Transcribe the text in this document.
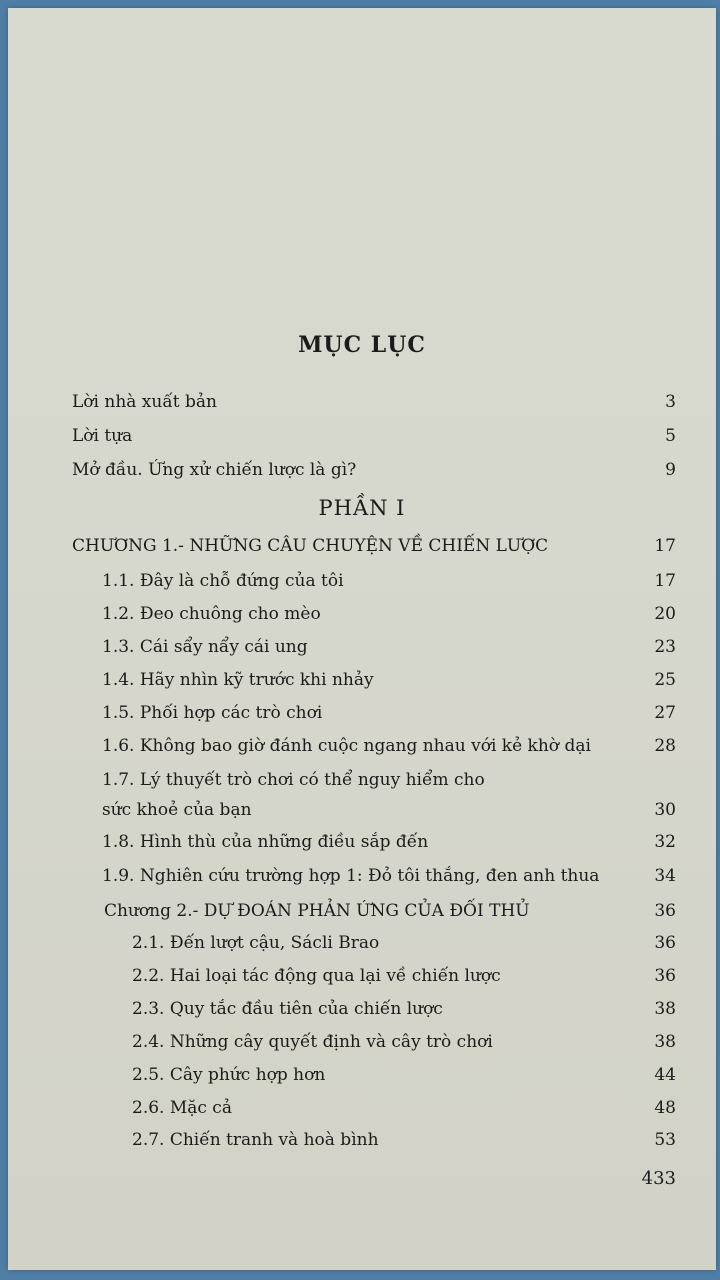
MỤC LỤC
Lời nhà xuất bản	3
Lời tựa	5
Mở đầu. Ứng xử chiến lược là gì?	9
PHẦN I
CHƯƠNG 1.- NHỮNG CÂU CHUYỆN VỀ CHIẾN LƯỢC	17
1.1. Đây là chỗ đứng của tôi	17
1.2. Đeo chuông cho mèo	20
1.3. Cái sẩy nẩy cái ung	23
1.4. Hãy nhìn kỹ trước khi nhảy	25
1.5. Phối hợp các trò chơi	27
1.6. Không bao giờ đánh cuộc ngang nhau với kẻ khờ dại	28
1.7. Lý thuyết trò chơi có thể nguy hiểm cho
sức khoẻ của bạn	30
1.8. Hình thù của những điều sắp đến	32
1.9. Nghiên cứu trường hợp 1: Đỏ tôi thắng, đen anh thua	34
Chương 2.- DỰ ĐOÁN PHẢN ỨNG CỦA ĐỐI THỦ	36
2.1. Đến lượt cậu, Sácli Brao	36
2.2. Hai loại tác động qua lại về chiến lược	36
2.3. Quy tắc đầu tiên của chiến lược	38
2.4. Những cây quyết định và cây trò chơi	38
2.5. Cây phức hợp hơn	44
2.6. Mặc cả	48
2.7. Chiến tranh và hoà bình	53
433
